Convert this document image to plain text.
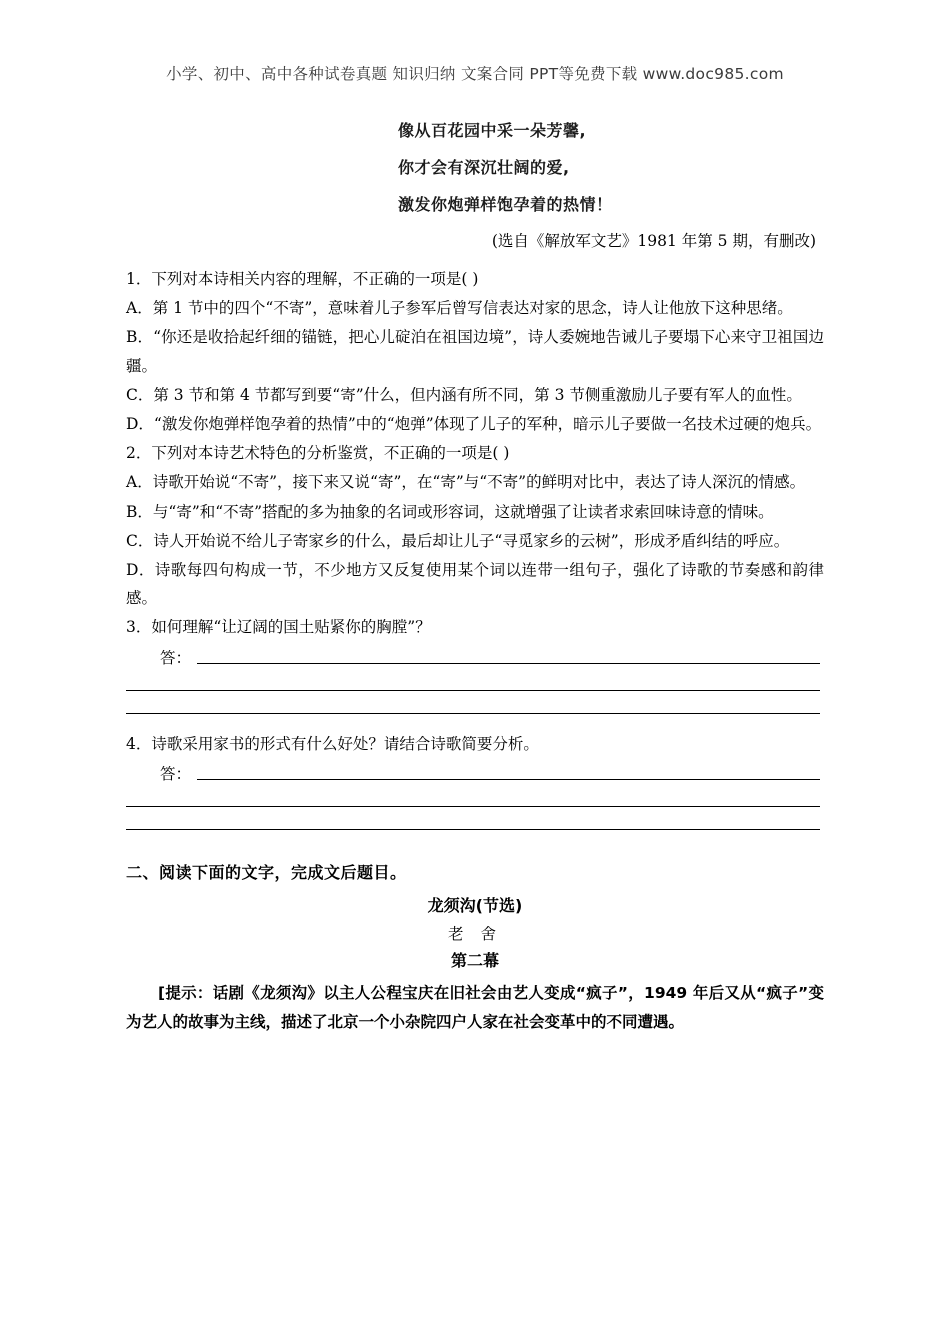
小学、初中、高中各种试卷真题 知识归纳 文案合同 PPT等免费下载 www.doc985.com
像从百花园中采一朵芳馨,
你才会有深沉壮阔的爱,
激发你炮弹样饱孕着的热情！
(选自《解放军文艺》1981 年第 5 期，有删改)
1．下列对本诗相关内容的理解，不正确的一项是( )
A．第 1 节中的四个“不寄”，意味着儿子参军后曾写信表达对家的思念，诗人让他放下这种思绪。
B．“你还是收拾起纤细的锚链，把心儿碇泊在祖国边境”，诗人委婉地告诫儿子要塌下心来守卫祖国边疆。
C．第 3 节和第 4 节都写到要“寄”什么，但内涵有所不同，第 3 节侧重激励儿子要有军人的血性。
D．“激发你炮弹样饱孕着的热情”中的“炮弹”体现了儿子的军种，暗示儿子要做一名技术过硬的炮兵。
2．下列对本诗艺术特色的分析鉴赏，不正确的一项是( )
A．诗歌开始说“不寄”，接下来又说“寄”，在“寄”与“不寄”的鲜明对比中，表达了诗人深沉的情感。
B．与“寄”和“不寄”搭配的多为抽象的名词或形容词，这就增强了让读者求索回味诗意的情味。
C．诗人开始说不给儿子寄家乡的什么，最后却让儿子“寻觅家乡的云树”，形成矛盾纠结的呼应。
D．诗歌每四句构成一节，不少地方又反复使用某个词以连带一组句子，强化了诗歌的节奏感和韵律感。
3．如何理解“让辽阔的国土贴紧你的胸膛”？
答：
4．诗歌采用家书的形式有什么好处？请结合诗歌简要分析。
答：
二、阅读下面的文字，完成文后题目。
龙须沟(节选)
老 舍
第二幕
[提示：话剧《龙须沟》以主人公程宝庆在旧社会由艺人变成“疯子”，1949 年后又从“疯子”变为艺人的故事为主线，描述了北京一个小杂院四户人家在社会变革中的不同遭遇。
